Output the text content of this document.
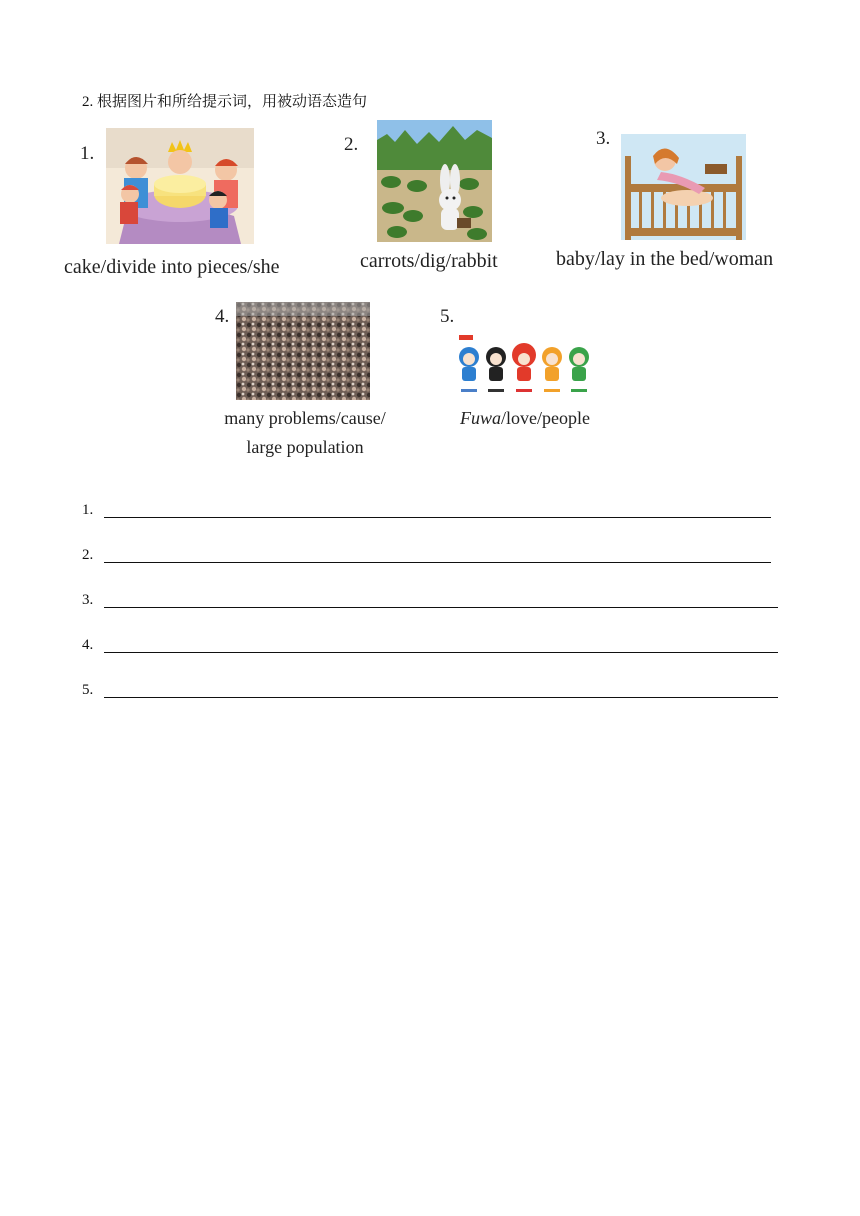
2. 根据图片和所给提示词，用被动语态造句
1.
cake/divide into pieces/she
2.
carrots/dig/rabbit
3.
baby/lay in the bed/woman
4.
many problems/cause/
large population
5.
Fuwa/love/people
1.
2.
3.
4.
5.
